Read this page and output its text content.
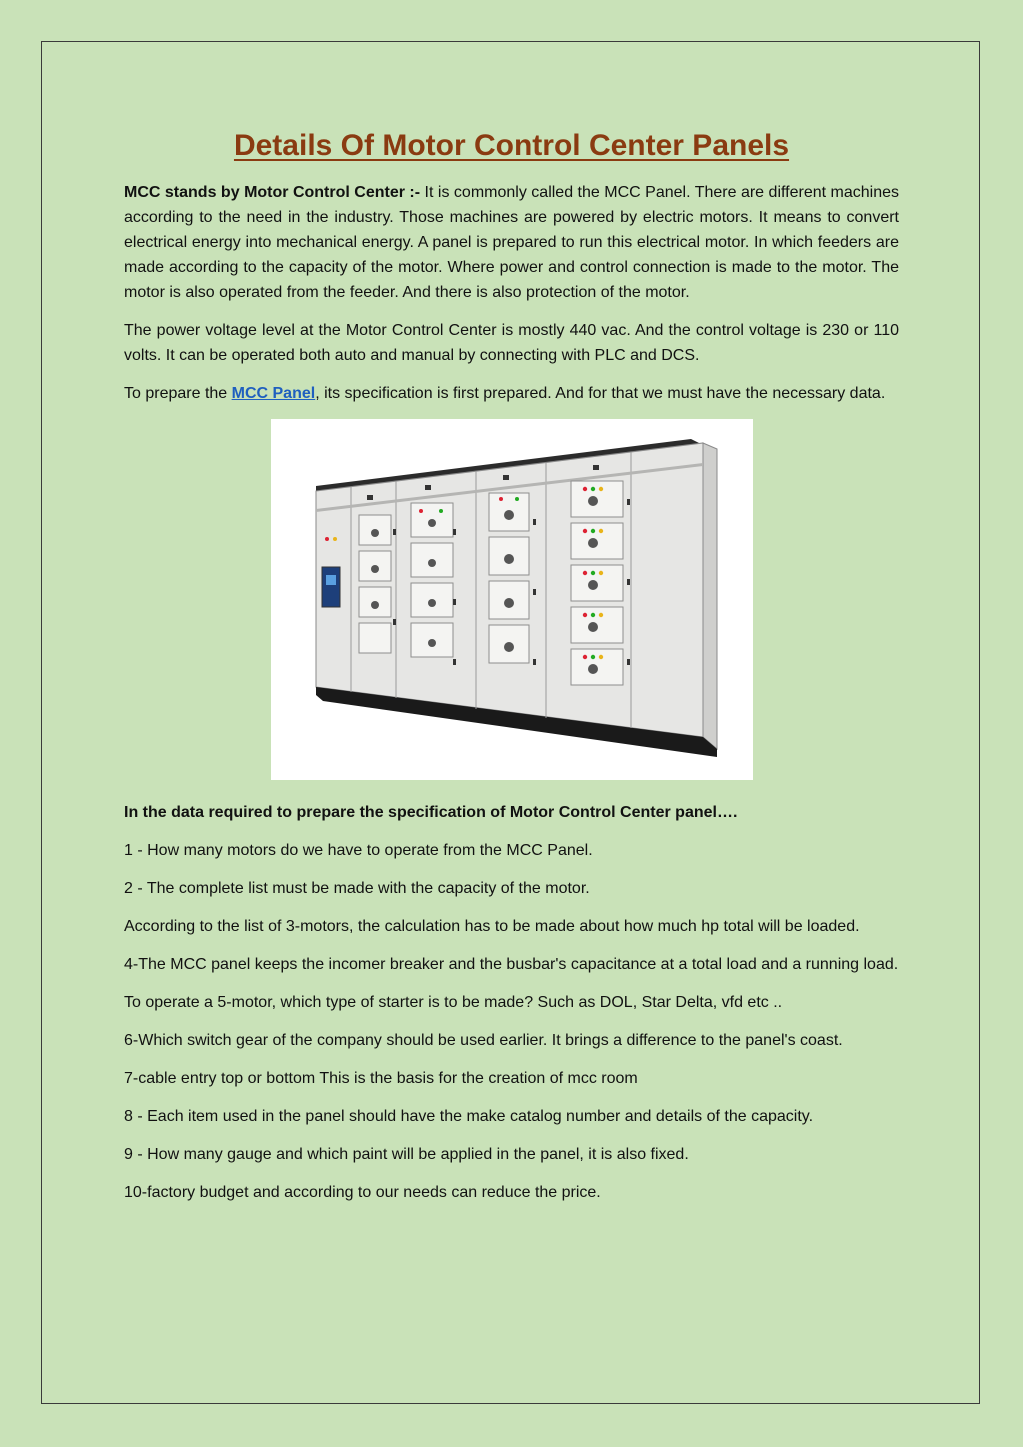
Details Of Motor Control Center Panels

MCC stands by Motor Control Center :- It is commonly called the MCC Panel. There are different machines according to the need in the industry. Those machines are powered by electric motors. It means to convert electrical energy into mechanical energy. A panel is prepared to run this electrical motor. In which feeders are made according to the capacity of the motor. Where power and control connection is made to the motor. The motor is also operated from the feeder. And there is also protection of the motor.

The power voltage level at the Motor Control Center is mostly 440 vac. And the control voltage is 230 or 110 volts. It can be operated both auto and manual by connecting with PLC and DCS.

To prepare the MCC Panel, its specification is first prepared. And for that we must have the necessary data.

In the data required to prepare the specification of Motor Control Center panel….

1 - How many motors do we have to operate from the MCC Panel.

2 - The complete list must be made with the capacity of the motor.

According to the list of 3-motors, the calculation has to be made about how much hp total will be loaded.

4-The MCC panel keeps the incomer breaker and the busbar's capacitance at a total load and a running load.

To operate a 5-motor, which type of starter is to be made? Such as DOL, Star Delta, vfd etc ..

6-Which switch gear of the company should be used earlier. It brings a difference to the panel's coast.

7-cable entry top or bottom This is the basis for the creation of mcc room

8 - Each item used in the panel should have the make catalog number and details of the capacity.

9 - How many gauge and which paint will be applied in the panel, it is also fixed.

10-factory budget and according to our needs can reduce the price.
